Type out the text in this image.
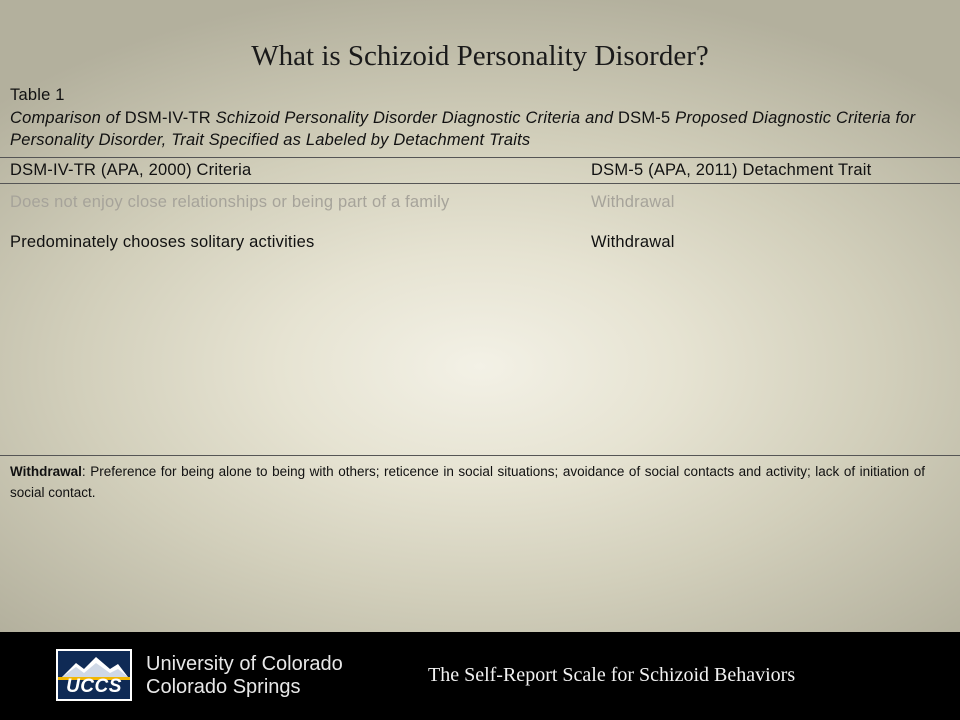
What is Schizoid Personality Disorder?
Table 1
Comparison of DSM-IV-TR Schizoid Personality Disorder Diagnostic Criteria and DSM-5 Proposed Diagnostic Criteria for Personality Disorder, Trait Specified as Labeled by Detachment Traits
DSM-IV-TR (APA, 2000) Criteria	DSM-5 (APA, 2011) Detachment Trait
Does not enjoy close relationships or being part of a family	Withdrawal
Predominately chooses solitary activities	Withdrawal
Withdrawal: Preference for being alone to being with others; reticence in social situations; avoidance of social contacts and activity; lack of initiation of social contact.
UCCS
University of Colorado
Colorado Springs
The Self-Report Scale for Schizoid Behaviors
